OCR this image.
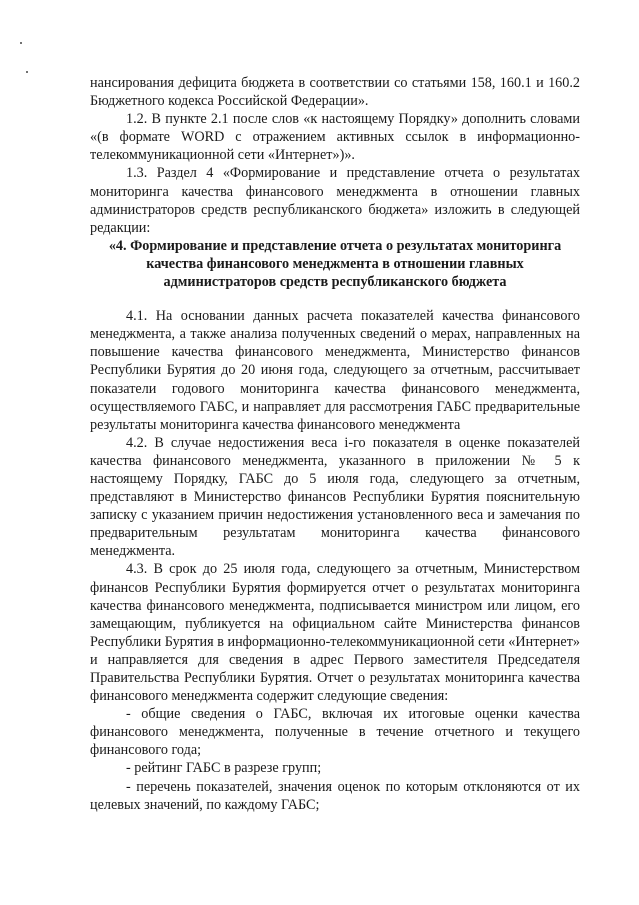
нансирования дефицита бюджета в соответствии со статьями 158, 160.1 и 160.2 Бюджетного кодекса Российской Федерации».

1.2. В пункте 2.1 после слов «к настоящему Порядку» дополнить словами «(в формате WORD с отражением активных ссылок в информационно-телекоммуникационной сети «Интернет»)».

1.3. Раздел 4 «Формирование и представление отчета о результатах мониторинга качества финансового менеджмента в отношении главных администраторов средств республиканского бюджета» изложить в следующей редакции:

«4. Формирование и представление отчета о результатах мониторинга качества финансового менеджмента в отношении главных администраторов средств республиканского бюджета

4.1. На основании данных расчета показателей качества финансового менеджмента, а также анализа полученных сведений о мерах, направленных на повышение качества финансового менеджмента, Министерство финансов Республики Бурятия до 20 июня года, следующего за отчетным, рассчитывает показатели годового мониторинга качества финансового менеджмента, осуществляемого ГАБС, и направляет для рассмотрения ГАБС предварительные результаты мониторинга качества финансового менеджмента

4.2. В случае недостижения веса i-го показателя в оценке показателей качества финансового менеджмента, указанного в приложении № 5 к настоящему Порядку, ГАБС до 5 июля года, следующего за отчетным, представляют в Министерство финансов Республики Бурятия пояснительную записку с указанием причин недостижения установленного веса и замечания по предварительным результатам мониторинга качества финансового менеджмента.

4.3. В срок до 25 июля года, следующего за отчетным, Министерством финансов Республики Бурятия формируется отчет о результатах мониторинга качества финансового менеджмента, подписывается министром или лицом, его замещающим, публикуется на официальном сайте Министерства финансов Республики Бурятия в информационно-телекоммуникационной сети «Интернет» и направляется для сведения в адрес Первого заместителя Председателя Правительства Республики Бурятия. Отчет о результатах мониторинга качества финансового менеджмента содержит следующие сведения:

- общие сведения о ГАБС, включая их итоговые оценки качества финансового менеджмента, полученные в течение отчетного и текущего финансового года;

- рейтинг ГАБС в разрезе групп;

- перечень показателей, значения оценок по которым отклоняются от их целевых значений, по каждому ГАБС;
